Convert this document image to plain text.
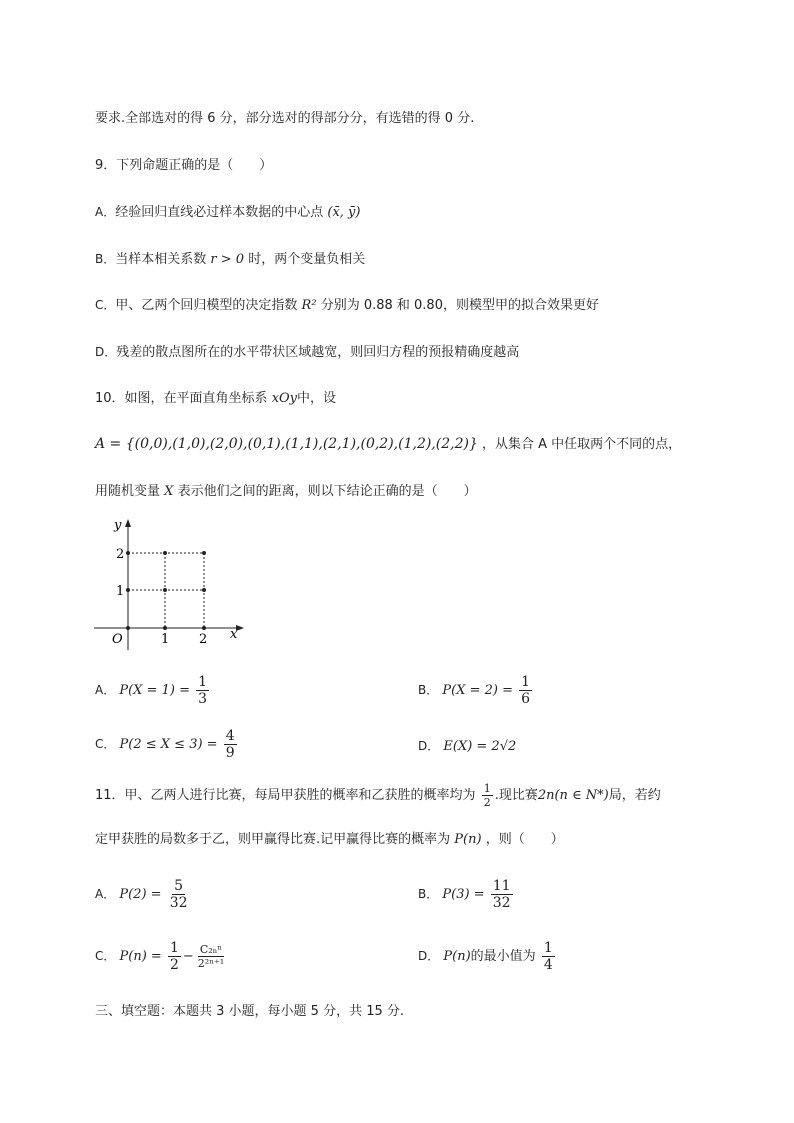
要求.全部选对的得 6 分，部分选对的得部分分，有选错的得 0 分.
9．下列命题正确的是（　　）
A．经验回归直线必过样本数据的中心点 (x̄, ȳ)
B．当样本相关系数 r > 0 时，两个变量负相关
C．甲、乙两个回归模型的决定指数 R² 分别为 0.88 和 0.80，则模型甲的拟合效果更好
D．残差的散点图所在的水平带状区域越宽，则回归方程的预报精确度越高
10．如图，在平面直角坐标系 xOy中，设
A = {(0,0),(1,0),(2,0),(0,1),(1,1),(2,1),(0,2),(1,2),(2,2)} ，从集合 A 中任取两个不同的点，
用随机变量 X 表示他们之间的距离，则以下结论正确的是（　　）
y
x
O	1 2
1
2
A． $P(X = 1) = \frac{1}{3}$	B． $P(X = 2) = \frac{1}{6}$
C． $P(2 \le X \le 3) = \frac{4}{9}$	D． E(X) = 2√2
11．甲、乙两人进行比赛，每局甲获胜的概率和乙获胜的概率均为 $\frac{1}{2}$ .现比赛2n(n ∈ N*)局，若约
定甲获胜的局数多于乙，则甲赢得比赛.记甲赢得比赛的概率为 P(n) ，则（　　）
A． $P(2) = \frac{5}{32}$	B． $P(3) = \frac{11}{32}$
C． $P(n) = \frac{1}{2} - \frac{\text{C₂ₙⁿ}}{\text{2²ⁿ⁺¹}}$	D． P(n)的最小值为 $\frac{1}{4}$
三、填空题：本题共 3 小题，每小题 5 分，共 15 分.
